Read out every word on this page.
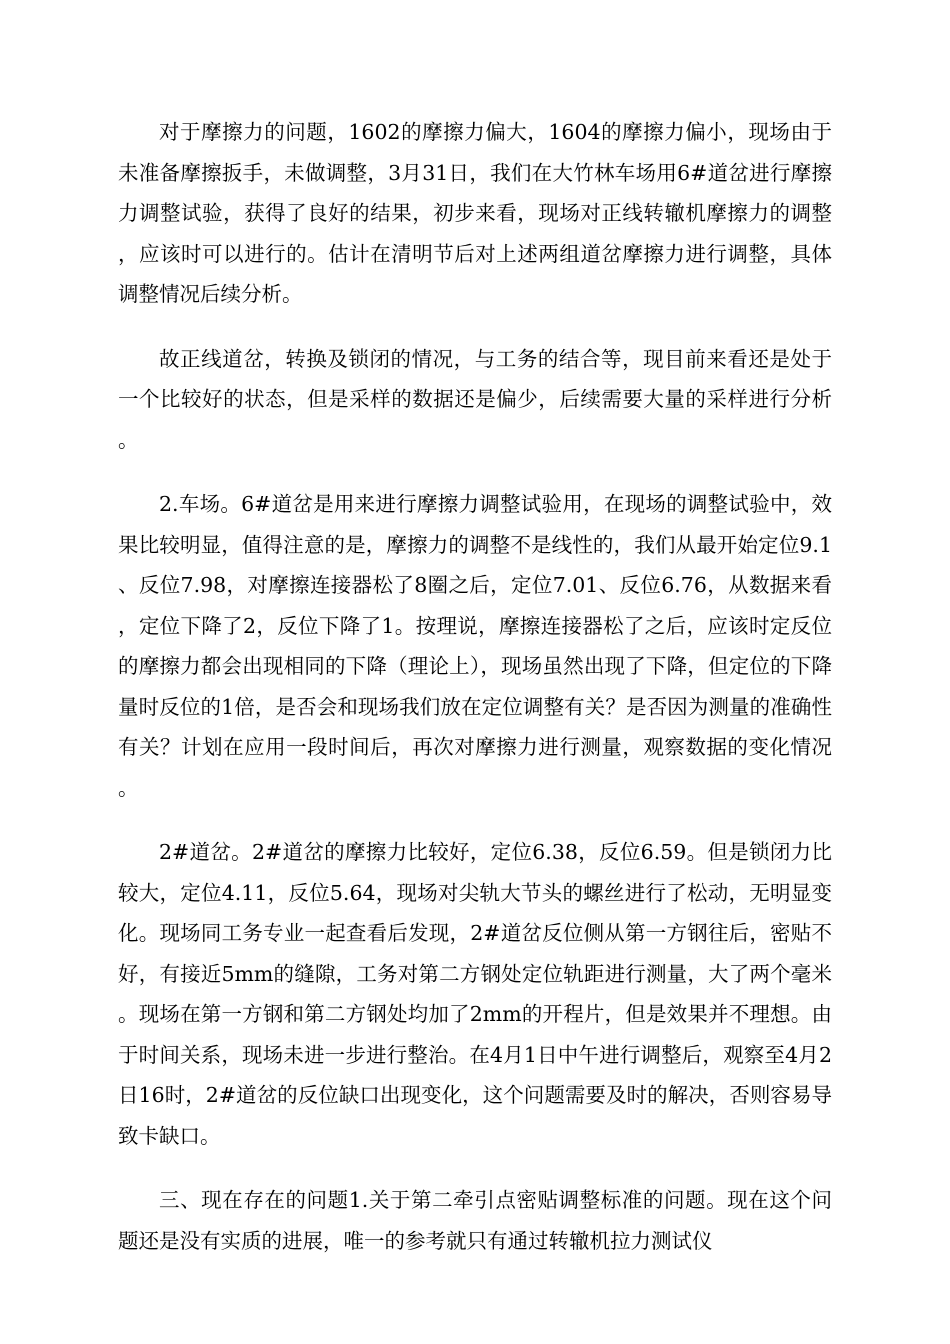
对于摩擦力的问题，1602的摩擦力偏大，1604的摩擦力偏小，现场由于未准备摩擦扳手，未做调整，3月31日，我们在大竹林车场用6#道岔进行摩擦力调整试验，获得了良好的结果，初步来看，现场对正线转辙机摩擦力的调整，应该时可以进行的。估计在清明节后对上述两组道岔摩擦力进行调整，具体调整情况后续分析。

故正线道岔，转换及锁闭的情况，与工务的结合等，现目前来看还是处于一个比较好的状态，但是采样的数据还是偏少，后续需要大量的采样进行分析。

2.车场。6#道岔是用来进行摩擦力调整试验用，在现场的调整试验中，效果比较明显，值得注意的是，摩擦力的调整不是线性的，我们从最开始定位9.1、反位7.98，对摩擦连接器松了8圈之后，定位7.01、反位6.76，从数据来看，定位下降了2，反位下降了1。按理说，摩擦连接器松了之后，应该时定反位的摩擦力都会出现相同的下降（理论上），现场虽然出现了下降，但定位的下降量时反位的1倍，是否会和现场我们放在定位调整有关？是否因为测量的准确性有关？计划在应用一段时间后，再次对摩擦力进行测量，观察数据的变化情况。

2#道岔。2#道岔的摩擦力比较好，定位6.38，反位6.59。但是锁闭力比较大，定位4.11，反位5.64，现场对尖轨大节头的螺丝进行了松动，无明显变化。现场同工务专业一起查看后发现，2#道岔反位侧从第一方钢往后，密贴不好，有接近5mm的缝隙，工务对第二方钢处定位轨距进行测量，大了两个毫米。现场在第一方钢和第二方钢处均加了2mm的开程片，但是效果并不理想。由于时间关系，现场未进一步进行整治。在4月1日中午进行调整后，观察至4月2日16时，2#道岔的反位缺口出现变化，这个问题需要及时的解决，否则容易导致卡缺口。

三、现在存在的问题1.关于第二牵引点密贴调整标准的问题。现在这个问题还是没有实质的进展，唯一的参考就只有通过转辙机拉力测试仪
